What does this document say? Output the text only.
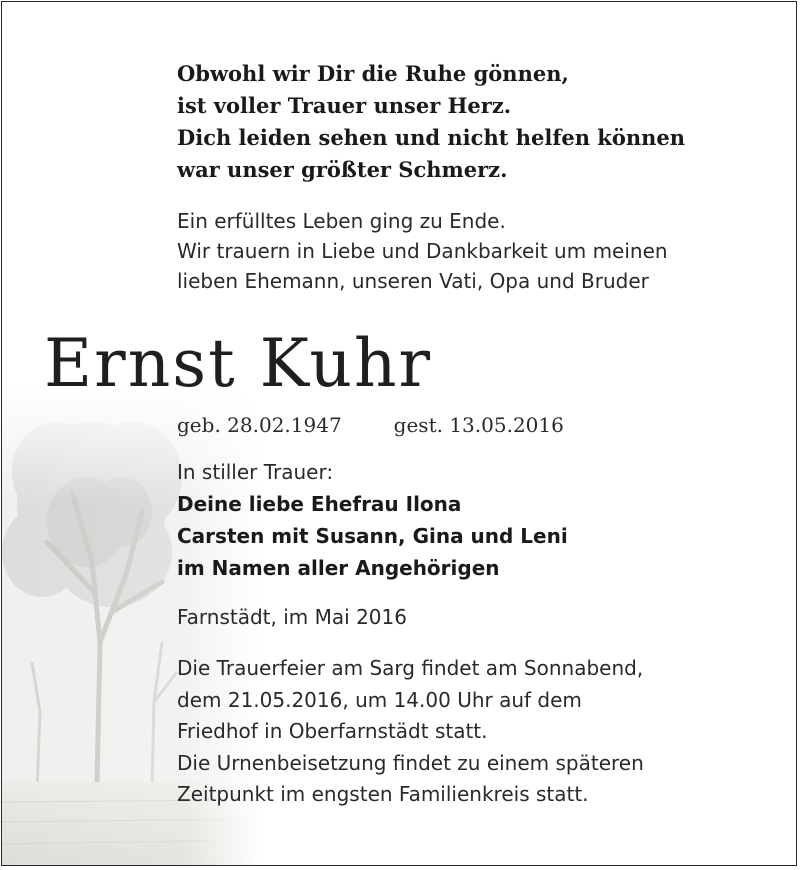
Obwohl wir Dir die Ruhe gönnen,
ist voller Trauer unser Herz.
Dich leiden sehen und nicht helfen können
war unser größter Schmerz.
Ein erfülltes Leben ging zu Ende.
Wir trauern in Liebe und Dankbarkeit um meinen
lieben Ehemann, unseren Vati, Opa und Bruder
Ernst Kuhr
geb. 28.02.1947	gest. 13.05.2016
In stiller Trauer:
Deine liebe Ehefrau Ilona
Carsten mit Susann, Gina und Leni
im Namen aller Angehörigen
Farnstädt, im Mai 2016
Die Trauerfeier am Sarg findet am Sonnabend,
dem 21.05.2016, um 14.00 Uhr auf dem
Friedhof in Oberfarnstädt statt.
Die Urnenbeisetzung findet zu einem späteren
Zeitpunkt im engsten Familienkreis statt.
